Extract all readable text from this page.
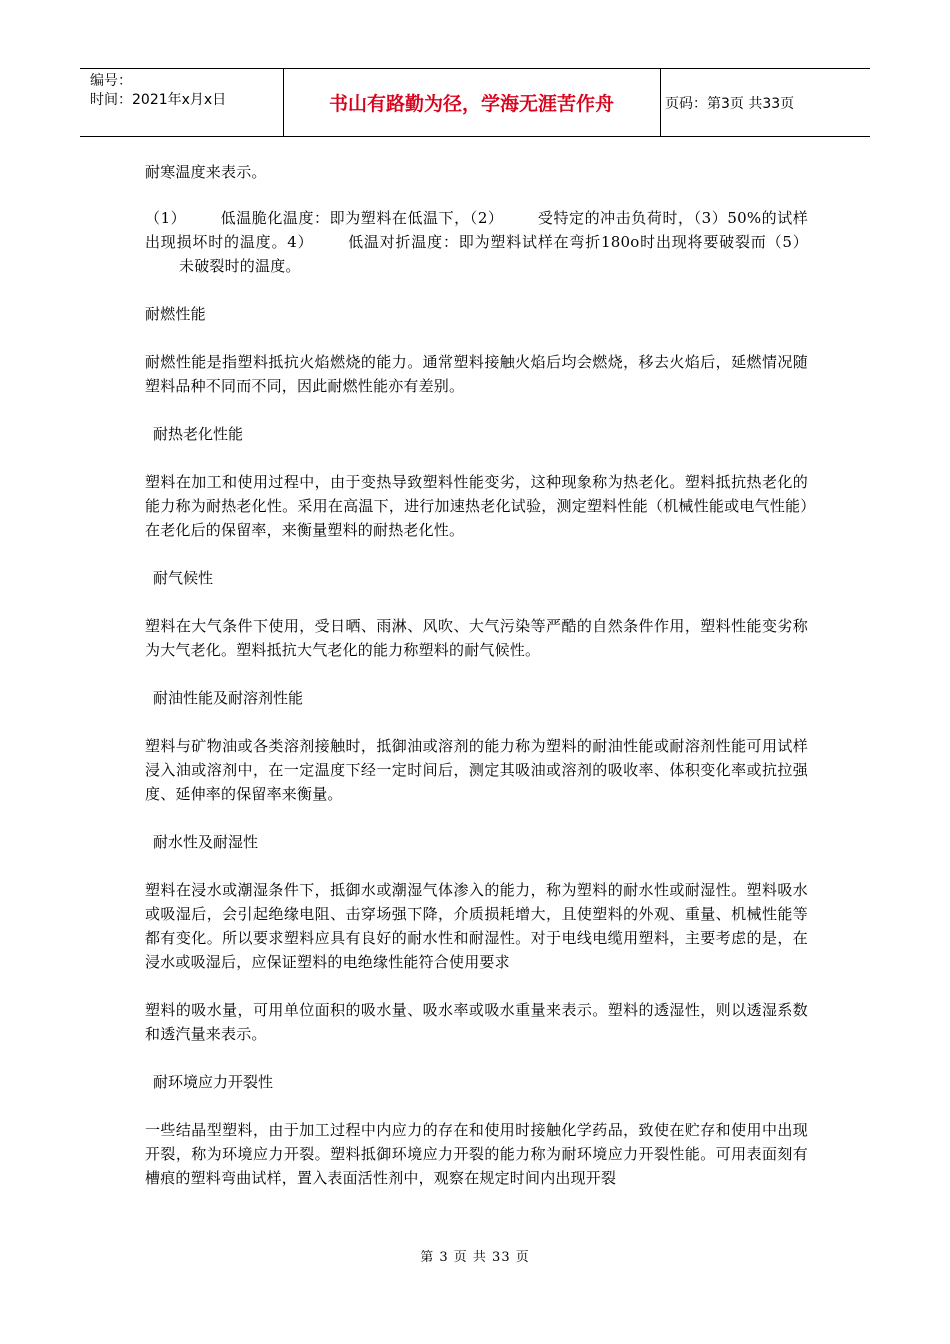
编号：
时间：2021年x月x日	书山有路勤为径，学海无涯苦作舟	页码：第3页 共33页

耐寒温度来表示。

（1） 低温脆化温度：即为塑料在低温下，（2） 受特定的冲击负荷时，（3）50%的试样出现损坏时的温度。4） 低温对折温度：即为塑料试样在弯折180o时出现将要破裂而（5）未破裂时的温度。

耐燃性能

耐燃性能是指塑料抵抗火焰燃烧的能力。通常塑料接触火焰后均会燃烧，移去火焰后，延燃情况随塑料品种不同而不同，因此耐燃性能亦有差别。

耐热老化性能

塑料在加工和使用过程中，由于变热导致塑料性能变劣，这种现象称为热老化。塑料抵抗热老化的能力称为耐热老化性。采用在高温下，进行加速热老化试验，测定塑料性能（机械性能或电气性能）在老化后的保留率，来衡量塑料的耐热老化性。

耐气候性

塑料在大气条件下使用，受日晒、雨淋、风吹、大气污染等严酷的自然条件作用，塑料性能变劣称为大气老化。塑料抵抗大气老化的能力称塑料的耐气候性。

耐油性能及耐溶剂性能

塑料与矿物油或各类溶剂接触时，抵御油或溶剂的能力称为塑料的耐油性能或耐溶剂性能可用试样浸入油或溶剂中，在一定温度下经一定时间后，测定其吸油或溶剂的吸收率、体积变化率或抗拉强度、延伸率的保留率来衡量。

耐水性及耐湿性

塑料在浸水或潮湿条件下，抵御水或潮湿气体渗入的能力，称为塑料的耐水性或耐湿性。塑料吸水或吸湿后，会引起绝缘电阻、击穿场强下降，介质损耗增大，且使塑料的外观、重量、机械性能等都有变化。所以要求塑料应具有良好的耐水性和耐湿性。对于电线电缆用塑料，主要考虑的是，在浸水或吸湿后，应保证塑料的电绝缘性能符合使用要求

塑料的吸水量，可用单位面积的吸水量、吸水率或吸水重量来表示。塑料的透湿性，则以透湿系数和透汽量来表示。

耐环境应力开裂性

一些结晶型塑料，由于加工过程中内应力的存在和使用时接触化学药品，致使在贮存和使用中出现开裂，称为环境应力开裂。塑料抵御环境应力开裂的能力称为耐环境应力开裂性能。可用表面刻有槽痕的塑料弯曲试样，置入表面活性剂中，观察在规定时间内出现开裂

第 3 页 共 33 页
